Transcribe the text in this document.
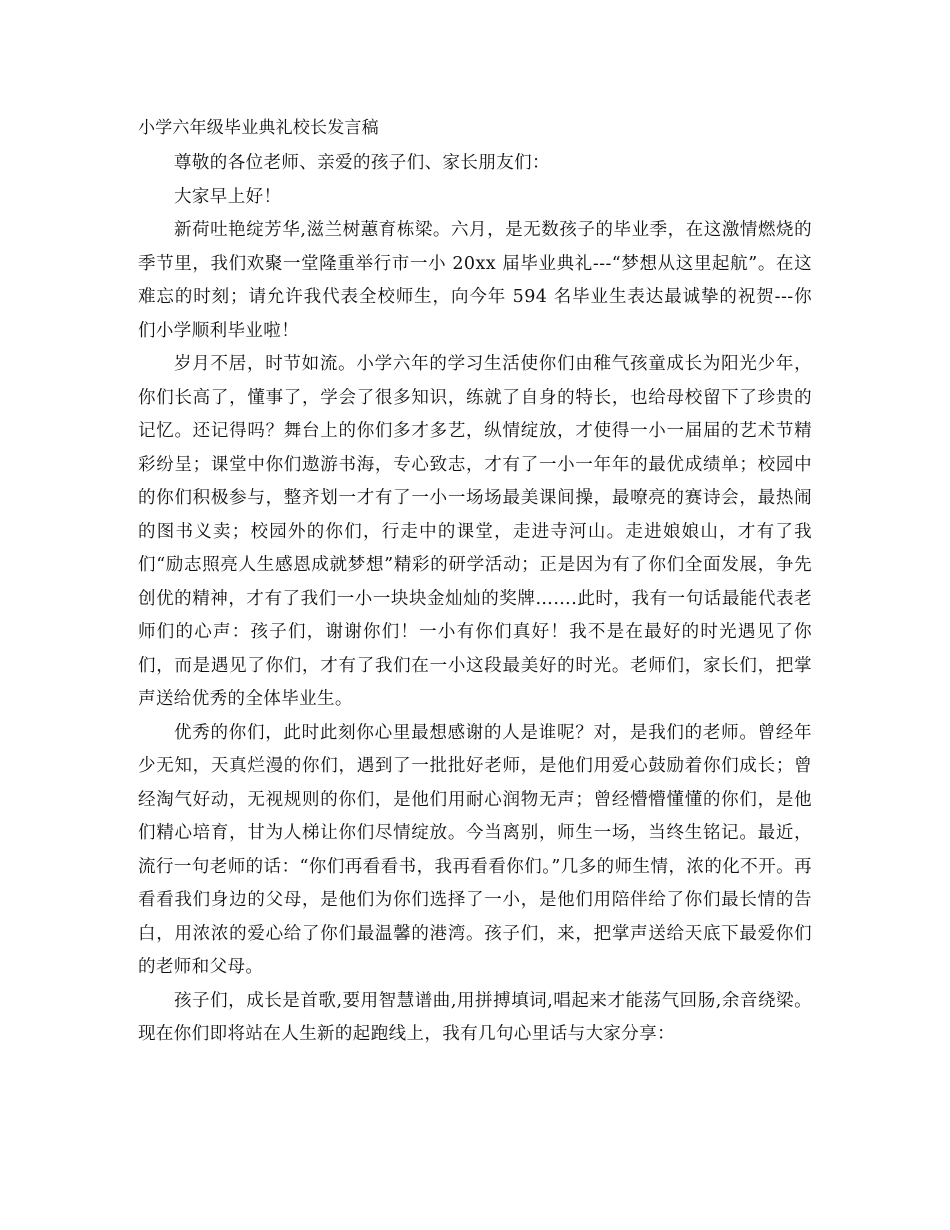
小学六年级毕业典礼校长发言稿

尊敬的各位老师、亲爱的孩子们、家长朋友们：

大家早上好！

新荷吐艳绽芳华,滋兰树蕙育栋梁。六月，是无数孩子的毕业季，在这激情燃烧的季节里，我们欢聚一堂隆重举行市一小 20xx 届毕业典礼---“梦想从这里起航”。在这难忘的时刻；请允许我代表全校师生，向今年 594 名毕业生表达最诚挚的祝贺---你们小学顺利毕业啦！

岁月不居，时节如流。小学六年的学习生活使你们由稚气孩童成长为阳光少年，你们长高了，懂事了，学会了很多知识，练就了自身的特长，也给母校留下了珍贵的记忆。还记得吗？舞台上的你们多才多艺，纵情绽放，才使得一小一届届的艺术节精彩纷呈；课堂中你们遨游书海，专心致志，才有了一小一年年的最优成绩单；校园中的你们积极参与，整齐划一才有了一小一场场最美课间操，最嘹亮的赛诗会，最热闹的图书义卖；校园外的你们，行走中的课堂，走进寺河山。走进娘娘山，才有了我们“励志照亮人生感恩成就梦想”精彩的研学活动；正是因为有了你们全面发展，争先创优的精神，才有了我们一小一块块金灿灿的奖牌…….此时，我有一句话最能代表老师们的心声：孩子们，谢谢你们！一小有你们真好！我不是在最好的时光遇见了你们，而是遇见了你们，才有了我们在一小这段最美好的时光。老师们，家长们，把掌声送给优秀的全体毕业生。

优秀的你们，此时此刻你心里最想感谢的人是谁呢？对，是我们的老师。曾经年少无知，天真烂漫的你们，遇到了一批批好老师，是他们用爱心鼓励着你们成长；曾经淘气好动，无视规则的你们，是他们用耐心润物无声；曾经懵懵懂懂的你们，是他们精心培育，甘为人梯让你们尽情绽放。今当离别，师生一场，当终生铭记。最近，流行一句老师的话：“你们再看看书，我再看看你们。”几多的师生情，浓的化不开。再看看我们身边的父母，是他们为你们选择了一小，是他们用陪伴给了你们最长情的告白，用浓浓的爱心给了你们最温馨的港湾。孩子们，来，把掌声送给天底下最爱你们的老师和父母。

孩子们，成长是首歌,要用智慧谱曲,用拼搏填词,唱起来才能荡气回肠,余音绕梁。现在你们即将站在人生新的起跑线上，我有几句心里话与大家分享：
